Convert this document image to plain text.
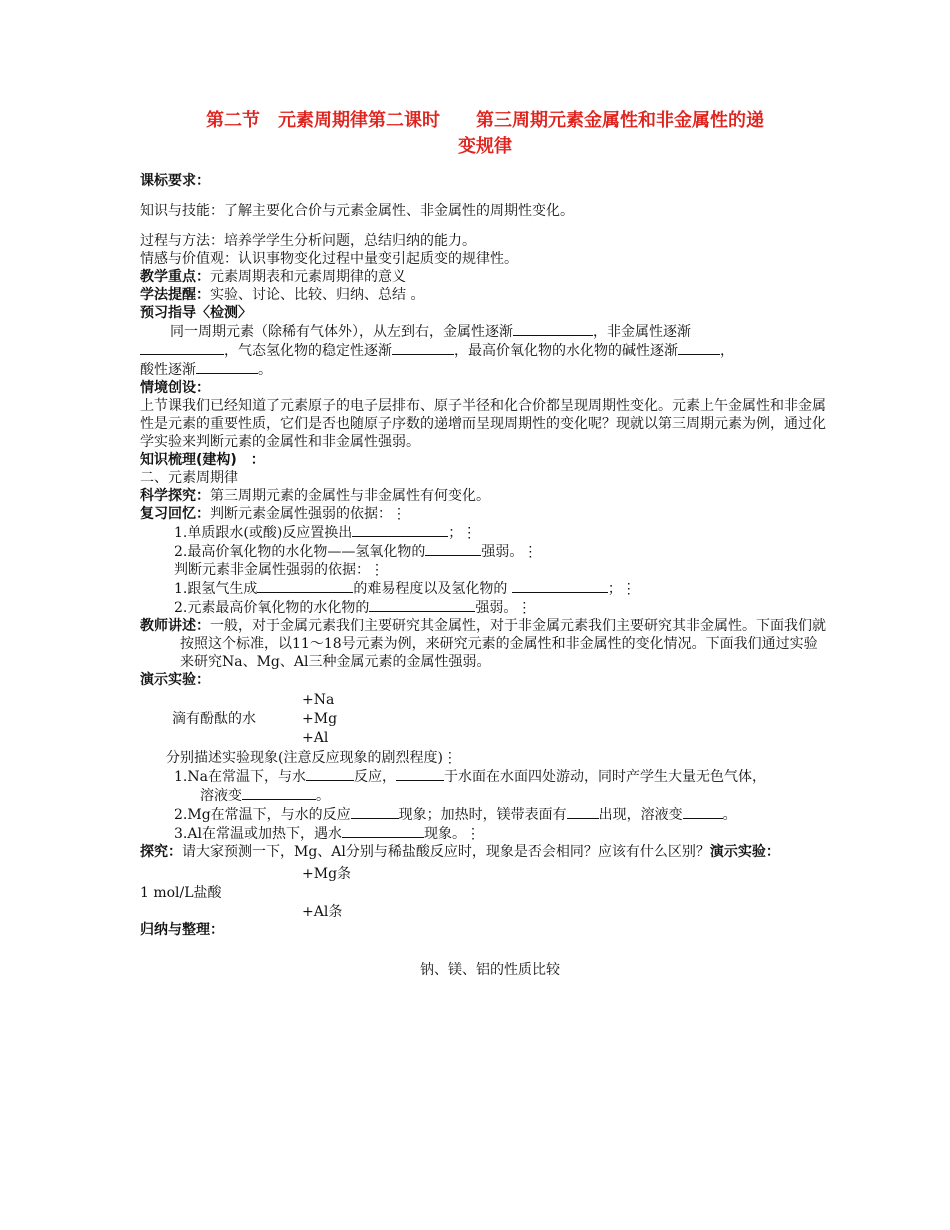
第二节　元素周期律第二课时　　第三周期元素金属性和非金属性的递
变规律
课标要求：
知识与技能：了解主要化合价与元素金属性、非金属性的周期性变化。
过程与方法：培养学学生分析问题，总结归纳的能力。
情感与价值观：认识事物变化过程中量变引起质变的规律性。
教学重点：元素周期表和元素周期律的意义
学法提醒：实验、讨论、比较、归纳、总结 。
预习指导〈检测〉
同一周期元素（除稀有气体外），从左到右，金属性逐渐	，非金属性逐渐
，气态氢化物的稳定性逐渐	，最高价氧化物的水化物的碱性逐渐	，
酸性逐渐	。
情境创设：
上节课我们已经知道了元素原子的电子层排布、原子半径和化合价都呈现周期性变化。元素上午金属性和非金属性是元素的重要性质，它们是否也随原子序数的递增而呈现周期性的变化呢？现就以第三周期元素为例，通过化学实验来判断元素的金属性和非金属性强弱。
知识梳理(建构)　：
二、元素周期律
科学探究：第三周期元素的金属性与非金属性有何变化。
复习回忆：判断元素金属性强弱的依据：⋮
1.单质跟水(或酸)反应置换出	；⋮
2.最高价氧化物的水化物——氢氧化物的	强弱。⋮
判断元素非金属性强弱的依据：⋮
1.跟氢气生成	的难易程度以及氢化物的	；⋮
2.元素最高价氧化物的水化物的	强弱。⋮
教师讲述：一般，对于金属元素我们主要研究其金属性，对于非金属元素我们主要研究其非金属性。下面我们就按照这个标准，以11～18号元素为例，来研究元素的金属性和非金属性的变化情况。下面我们通过实验来研究Na、Mg、Al三种金属元素的金属性强弱。
演示实验：
+Na
滴有酚酞的水	+Mg
+Al
分别描述实验现象(注意反应现象的剧烈程度)⋮
1.Na在常温下，与水	反应，	于水面在水面四处游动，同时产学生大量无色气体，
溶液变	。
2.Mg在常温下，与水的反应	现象；加热时，镁带表面有 出现，溶液变	。
3.Al在常温或加热下，遇水	现象。⋮
探究：请大家预测一下，Mg、Al分别与稀盐酸反应时，现象是否会相同？应该有什么区别？演示实验：
+Mg条
1 mol/L盐酸
+Al条
归纳与整理：
钠、镁、铝的性质比较
